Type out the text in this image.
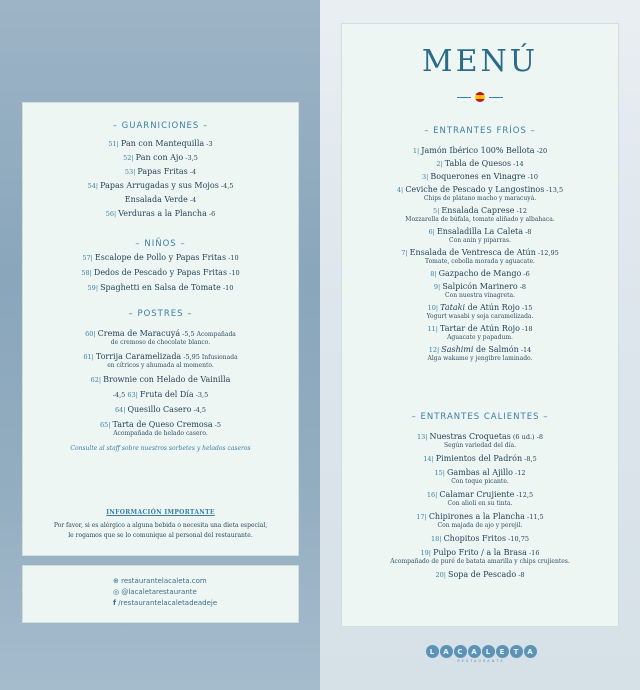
– GUARNICIONES –
51| Pan con Mantequilla -3
52| Pan con Ajo -3,5
53| Papas Fritas -4
54| Papas Arrugadas y sus Mojos -4,5
Ensalada Verde -4
56| Verduras a la Plancha -6
– NIÑOS –
57| Escalope de Pollo y Papas Fritas -10
58| Dedos de Pescado y Papas Fritas -10
59| Spaghetti en Salsa de Tomate -10
– POSTRES –
60| Crema de Maracuyá -5,5 Acompañada
de cremoso de chocolate blanco.
61| Torrija Caramelizada -5,95 Infusionada
en cítricos y ahumada al momento.
62| Brownie con Helado de Vainilla
-4,5 63| Fruta del Día -3,5
64| Quesillo Casero -4,5
65| Tarta de Queso Cremosa -5
Acompañada de helado casero.
Consulte al staff sobre nuestros sorbetes y helados caseros
INFORMACIÓN IMPORTANTE
Por favor, si es alérgico a alguna bebida o necesita una dieta especial,
le rogamos que se lo comunique al personal del restaurante.
⊕ restaurantelacaleta.com
◎ @lacaletarestaurante
f /restaurantelacaletadeadeje
MENÚ
– ENTRANTES FRÍOS –
1| Jamón Ibérico 100% Bellota -20
2| Tabla de Quesos -14
3| Boquerones en Vinagre -10
4| Ceviche de Pescado y Langostinos -13,5
Chips de plátano macho y maracuyá.
5| Ensalada Caprese -12
Mozzarella de búfala, tomate aliñado y albahaca.
6| Ensaladilla La Caleta -8
Con anin y piparras.
7| Ensalada de Ventresca de Atún -12,95
Tomate, cebolla morada y aguacate.
8| Gazpacho de Mango -6
9| Salpicón Marinero -8
Con nuestra vinagreta.
10| Tataki de Atún Rojo -15
Yogurt wasabi y soja caramelizada.
11| Tartar de Atún Rojo -18
Aguacate y papadum.
12| Sashimi de Salmón -14
Alga wakame y jengibre laminado.
– ENTRANTES CALIENTES –
13| Nuestras Croquetas (6 ud.) -8
Según variedad del día.
14| Pimientos del Padrón -8,5
15| Gambas al Ajillo -12
Con toque picante.
16| Calamar Crujiente -12,5
Con alioli en su tinta.
17| Chipirones a la Plancha -11,5
Con majada de ajo y perejil.
18| Chopitos Fritos -10,75
19| Pulpo Frito / a la Brasa -16
Acompañado de puré de batata amarilla y chips crujientes.
20| Sopa de Pescado -8
L	A	C	A	L	E	T	A
RESTAURANTE
